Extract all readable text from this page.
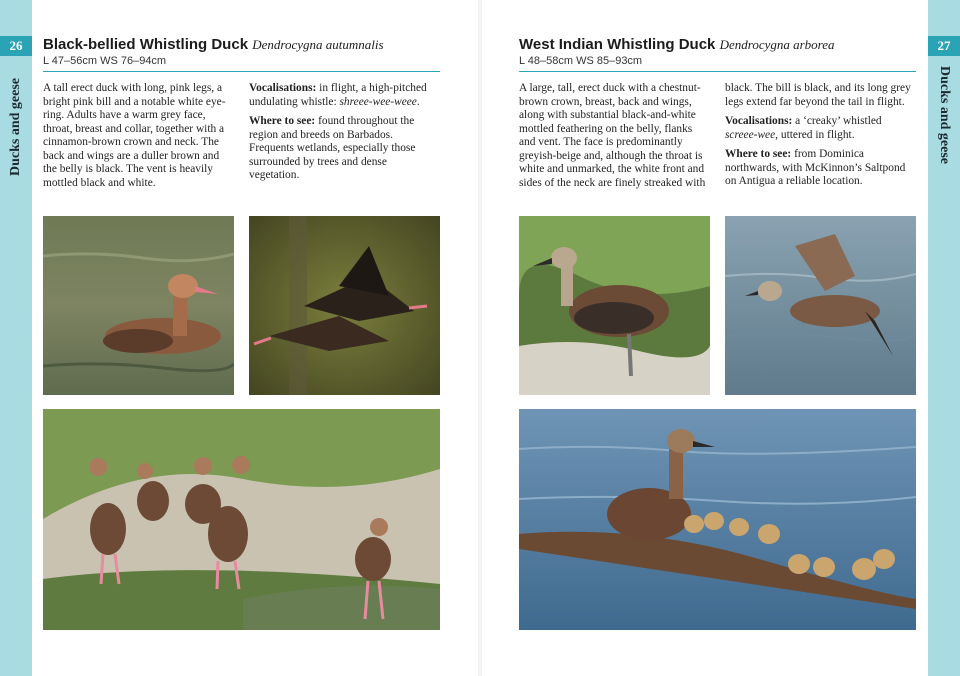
26	27
Ducks and geese	Ducks and geese
Black-bellied Whistling Duck Dendrocygna autumnalis
L 47–56cm WS 76–94cm

A tall erect duck with long, pink legs, a bright pink bill and a notable white eye-ring. Adults have a warm grey face, throat, breast and collar, together with a cinnamon-brown crown and neck. The back and wings are a duller brown and the belly is black. The vent is heavily mottled black and white.

Vocalisations: in flight, a high-pitched undulating whistle: shreee-wee-weee.

Where to see: found throughout the region and breeds on Barbados. Frequents wetlands, especially those surrounded by trees and dense vegetation.

West Indian Whistling Duck Dendrocygna arborea
L 48–58cm WS 85–93cm

A large, tall, erect duck with a chestnut-brown crown, breast, back and wings, along with substantial black-and-white mottled feathering on the belly, flanks and vent. The face is predominantly greyish-beige and, although the throat is white and unmarked, the white front and sides of the neck are finely streaked with

black. The bill is black, and its long grey legs extend far beyond the tail in flight.

Vocalisations: a ‘creaky’ whistled screee-wee, uttered in flight.

Where to see: from Dominica northwards, with McKinnon’s Saltpond on Antigua a reliable location.
